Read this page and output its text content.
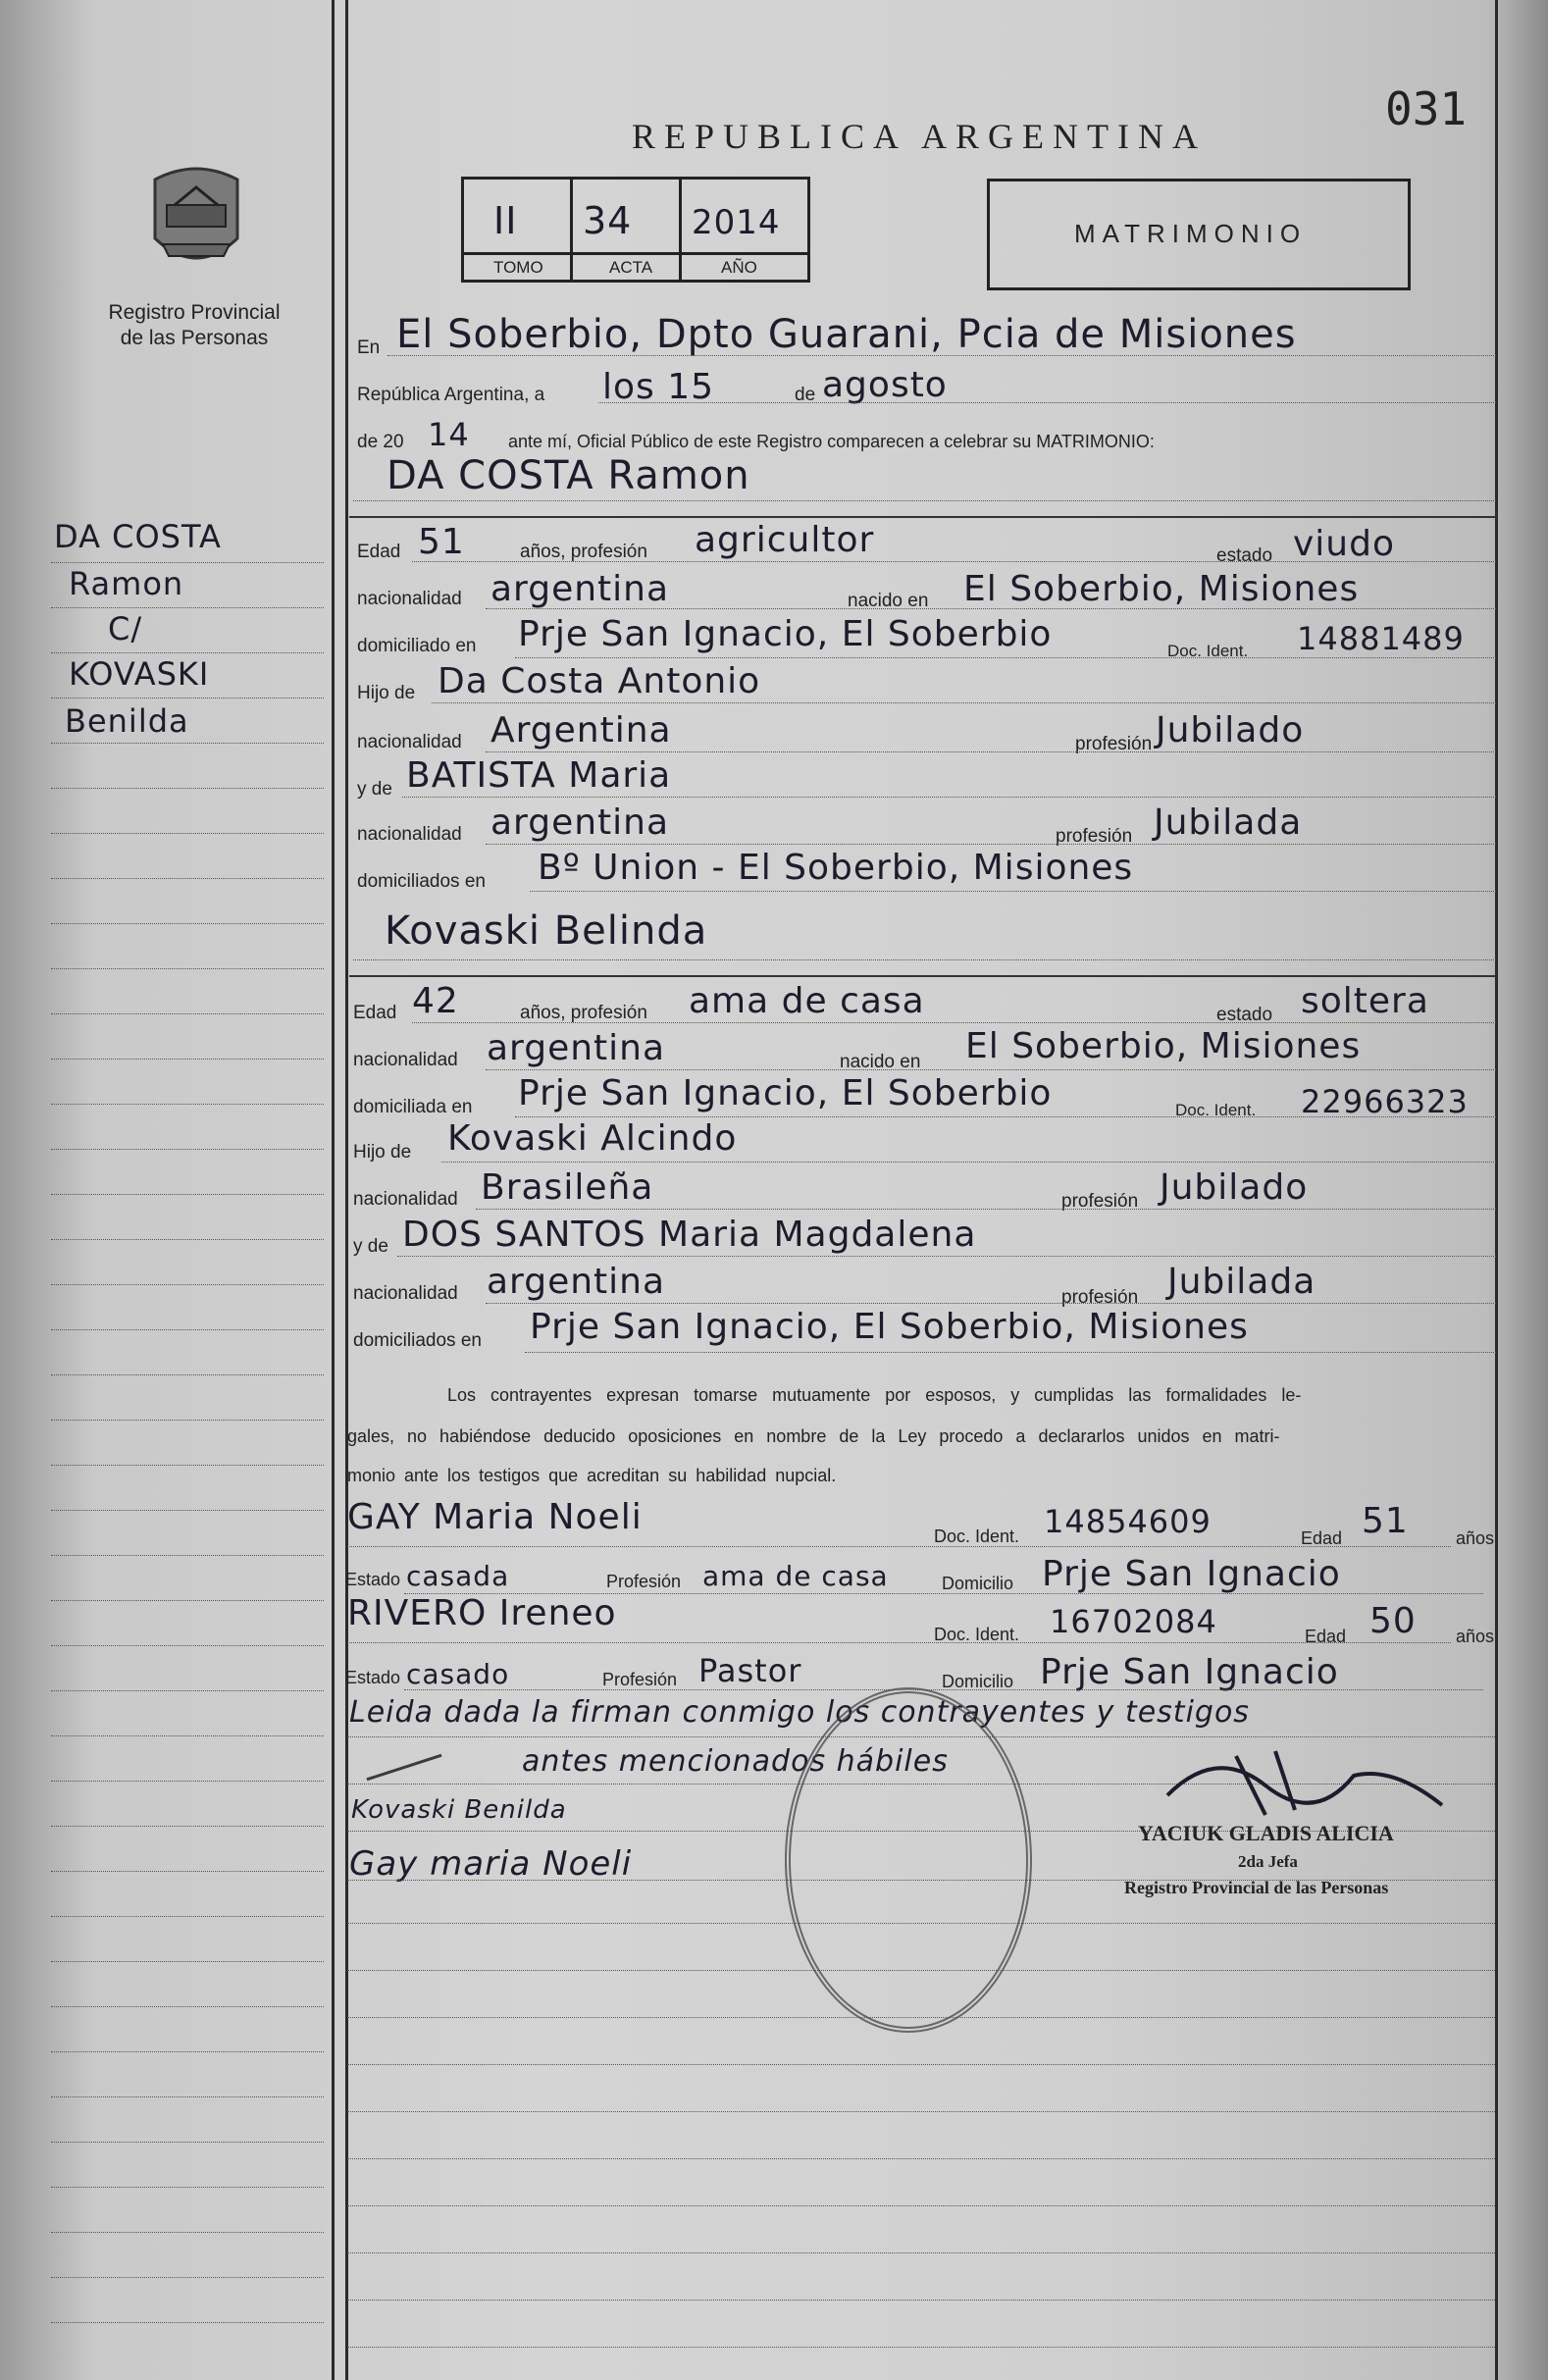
031
REPUBLICA ARGENTINA
II 34 2014
TOMO	ACTA	AÑO
MATRIMONIO
Registro Provincial de las Personas
DA COSTA
Ramon
C/
KOVASKI
Benilda
En El Soberbio, Dpto Guarani, Pcia de Misiones
República Argentina, a los 15	de agosto
de 20 14 ante mí, Oficial Público de este Registro comparecen a celebrar su MATRIMONIO:
DA COSTA Ramon
Edad 51	años, profesión agricultor	estado viudo
nacionalidad argentina	nacido en El Soberbio, Misiones
domiciliado en Prje San Ignacio, El Soberbio	Doc. Ident. 14881489
Hijo de Da Costa Antonio
nacionalidad Argentina	profesión Jubilado
y de BATISTA Maria
nacionalidad argentina	profesión Jubilada
domiciliados en Bº Union - El Soberbio, Misiones
Kovaski Belinda
Edad 42	años, profesión ama de casa	estado soltera
nacionalidad argentina	nacido en El Soberbio, Misiones
domiciliada en Prje San Ignacio, El Soberbio	Doc. Ident. 22966323
Hijo de Kovaski Alcindo
nacionalidad Brasileña	profesión Jubilado
y de DOS SANTOS Maria Magdalena
nacionalidad argentina	profesión Jubilada
domiciliados en Prje San Ignacio, El Soberbio, Misiones
Los contrayentes expresan tomarse mutuamente por esposos, y cumplidas las formalidades le-
gales, no habiéndose deducido oposiciones en nombre de la Ley procedo a declararlos unidos en matri-
monio ante los testigos que acreditan su habilidad nupcial.
GAY Maria Noeli	Doc. Ident. 14854609	Edad 51	años
Estado casada	Profesión ama de casa	Domicilio Prje San Ignacio
RIVERO Ireneo
Doc. Ident. 16702084	Edad 50 años
Estado casado	Profesión Pastor	Domicilio Prje San Ignacio
Leida dada la firman conmigo los contrayentes y testigos
antes mencionados hábiles
Kovaski Benilda
Gay maria Noeli
YACIUK GLADIS ALICIA
2da Jefa
Registro Provincial de las Personas
